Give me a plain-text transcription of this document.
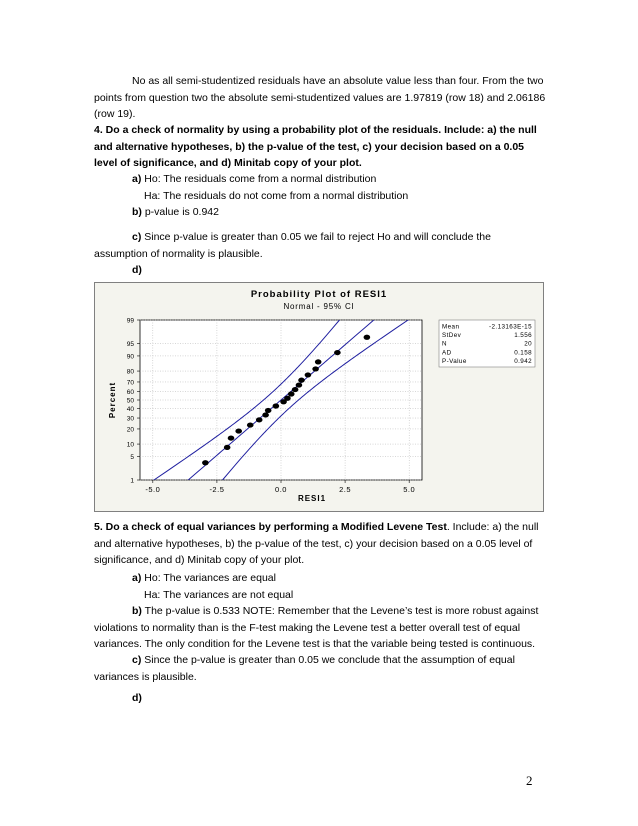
No as all semi-studentized residuals have an absolute value less than four. From the two points from question two the absolute semi-studentized values are 1.97819 (row 18) and 2.06186 (row 19).

4. Do a check of normality by using a probability plot of the residuals. Include: a) the null and alternative hypotheses, b) the p-value of the test, c) your decision based on a 0.05 level of significance, and d) Minitab copy of your plot.

a) Ho: The residuals come from a normal distribution
Ha: The residuals do not come from a normal distribution
b) p-value is 0.942

c) Since p-value is greater than 0.05 we fail to reject Ho and will conclude the assumption of normality is plausible.

d)
1
5
10
20
30
40
50
60
70
80
90
95
99
-5.0	-2.5	0.0	2.5	5.0
Probability Plot of RESI1
Normal - 95% CI
RESI1
Percent
Mean	-2.13163E-15
StDev	1.556
N	20
AD	0.158
P-Value	0.942

5. Do a check of equal variances by performing a Modified Levene Test. Include: a) the null and alternative hypotheses, b) the p-value of the test, c) your decision based on a 0.05 level of significance, and d) Minitab copy of your plot.

a) Ho: The variances are equal
Ha: The variances are not equal

b) The p-value is 0.533 NOTE: Remember that the Levene’s test is more robust against violations to normality than is the F-test making the Levene test a better overall test of equal variances. The only condition for the Levene test is that the variable being tested is continuous.

c) Since the p-value is greater than 0.05 we conclude that the assumption of equal variances is plausible.

d)
2
